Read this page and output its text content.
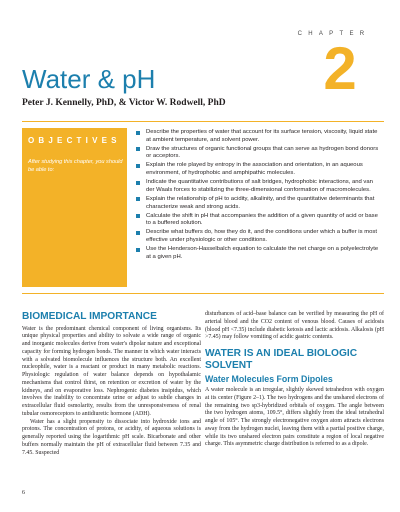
CHAPTER
2
Water & pH
Peter J. Kennelly, PhD, & Victor W. Rodwell, PhD
OBJECTIVES
After studying this chapter, you should be able to:
Describe the properties of water that account for its surface tension, viscosity, liquid state at ambient temperature, and solvent power.
Draw the structures of organic functional groups that can serve as hydrogen bond donors or acceptors.
Explain the role played by entropy in the association and orientation, in an aqueous environment, of hydrophobic and amphipathic molecules.
Indicate the quantitative contributions of salt bridges, hydrophobic interactions, and van der Waals forces to stabilizing the three-dimensional conformation of macromolecules.
Explain the relationship of pH to acidity, alkalinity, and the quantitative determinants that characterize weak and strong acids.
Calculate the shift in pH that accompanies the addition of a given quantity of acid or base to a buffered solution.
Describe what buffers do, how they do it, and the conditions under which a buffer is most effective under physiologic or other conditions.
Use the Henderson-Hasselbalch equation to calculate the net charge on a polyelectrolyte at a given pH.
BIOMEDICAL IMPORTANCE

Water is the predominant chemical component of living organisms. Its unique physical properties and ability to solvate a wide range of organic and inorganic molecules derive from water's dipolar nature and exceptional capacity for forming hydrogen bonds. The manner in which water interacts with a solvated biomolecule influences the structure both. An excellent nucleophile, water is a reactant or product in many metabolic reactions. Physiologic regulation of water balance depends on hypothalamic mechanisms that control thirst, on retention or excretion of water by the kidneys, and on evaporative loss. Nephrogenic diabetes insipidus, which involves the inability to concentrate urine or adjust to subtle changes in extracellular fluid osmolarity, results from the unresponsiveness of renal tubular osmoreceptors to antidiuretic hormone (ADH).

Water has a slight propensity to dissociate into hydroxide ions and protons. The concentration of protons, or acidity, of aqueous solutions is generally reported using the logarithmic pH scale. Bicarbonate and other buffers normally maintain the pH of extracellular fluid between 7.35 and 7.45. Suspected

disturbances of acid–base balance can be verified by measuring the pH of arterial blood and the CO2 content of venous blood. Causes of acidosis (blood pH <7.35) include diabetic ketosis and lactic acidosis. Alkalosis (pH >7.45) may follow vomiting of acidic gastric contents.

WATER IS AN IDEAL BIOLOGIC SOLVENT
Water Molecules Form Dipoles

A water molecule is an irregular, slightly skewed tetrahedron with oxygen at its center (Figure 2–1). The two hydrogens and the unshared electrons of the remaining two sp3-hybridized orbitals of oxygen. The angle between the two hydrogen atoms, 109.5°, differs slightly from the ideal tetrahedral angle of 105°. The strongly electronegative oxygen atom attracts electrons away from the hydrogen nuclei, leaving them with a partial positive charge, while its two unshared electron pairs constitute a region of local negative charge. This asymmetric charge distribution is referred to as a dipole.

6
